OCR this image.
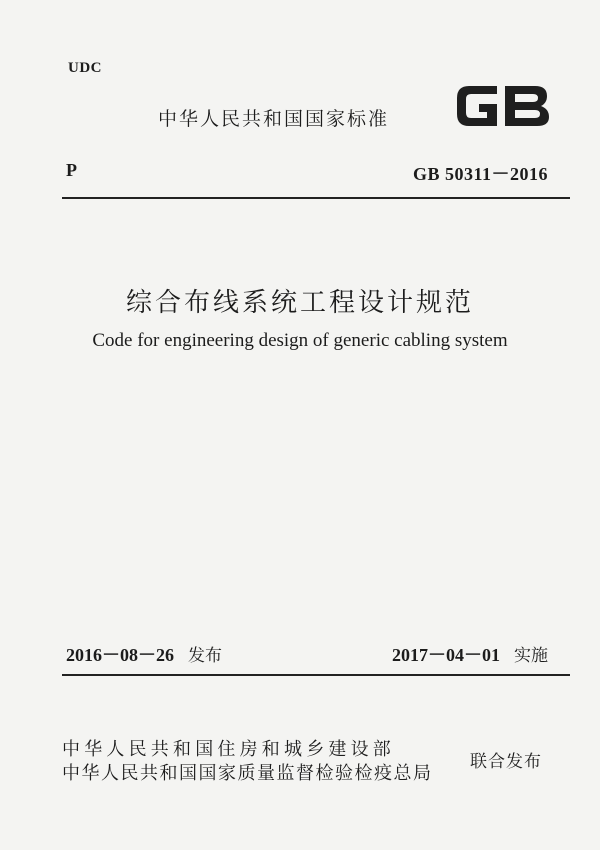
UDC
中华人民共和国国家标准
P	GB 50311－2016
综合布线系统工程设计规范
Code for engineering design of generic cabling system
2016－08－26 发布	2017－04－01 实施
中华人民共和国住房和城乡建设部
中华人民共和国国家质量监督检验检疫总局
联合发布
